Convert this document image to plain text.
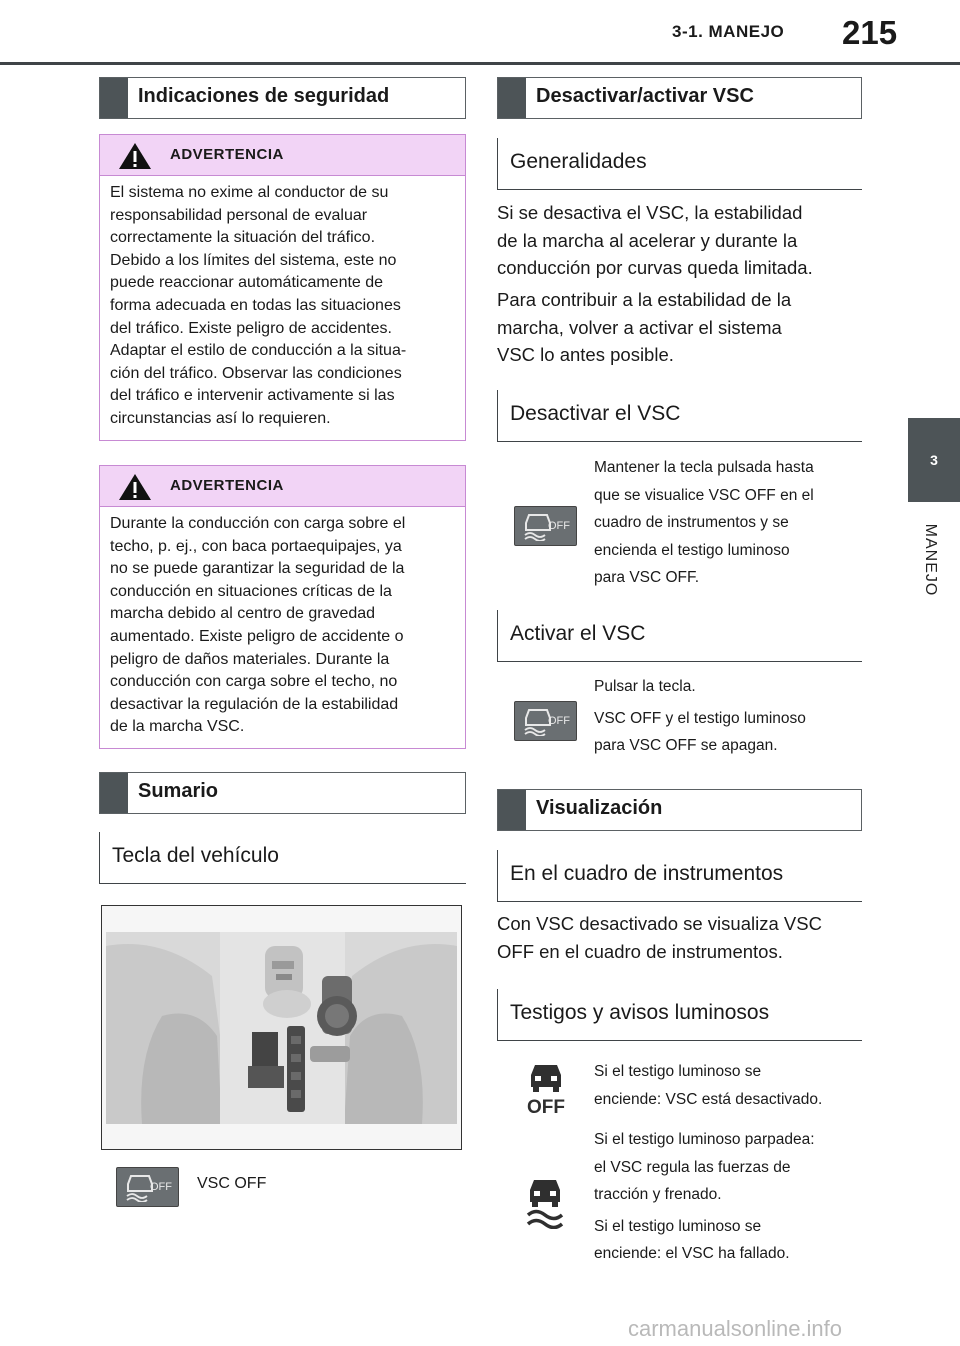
3-1. MANEJO 215
3
MANEJO
Indicaciones de seguridad
ADVERTENCIA
El sistema no exime al conductor de su
responsabilidad personal de evaluar
correctamente la situación del tráfico.
Debido a los límites del sistema, este no
puede reaccionar automáticamente de
forma adecuada en todas las situaciones
del tráfico. Existe peligro de accidentes.
Adaptar el estilo de conducción a la situa-
ción del tráfico. Observar las condiciones
del tráfico e intervenir activamente si las
circunstancias así lo requieren.
ADVERTENCIA
Durante la conducción con carga sobre el
techo, p. ej., con baca portaequipajes, ya
no se puede garantizar la seguridad de la
conducción en situaciones críticas de la
marcha debido al centro de gravedad
aumentado. Existe peligro de accidente o
peligro de daños materiales. Durante la
conducción con carga sobre el techo, no
desactivar la regulación de la estabilidad
de la marcha VSC.
Sumario
Tecla del vehículo
OFF VSC OFF
Desactivar/activar VSC
Generalidades
Si se desactiva el VSC, la estabilidad
de la marcha al acelerar y durante la
conducción por curvas queda limitada.
Para contribuir a la estabilidad de la
marcha, volver a activar el sistema
VSC lo antes posible.
Desactivar el VSC
OFF
Mantener la tecla pulsada hasta
que se visualice VSC OFF en el
cuadro de instrumentos y se
encienda el testigo luminoso
para VSC OFF.
Activar el VSC
OFF
Pulsar la tecla.
VSC OFF y el testigo luminoso
para VSC OFF se apagan.
Visualización
En el cuadro de instrumentos
Con VSC desactivado se visualiza VSC
OFF en el cuadro de instrumentos.
Testigos y avisos luminosos
OFF
Si el testigo luminoso se
enciende: VSC está desactivado.
Si el testigo luminoso parpadea:
el VSC regula las fuerzas de
tracción y frenado.
Si el testigo luminoso se
enciende: el VSC ha fallado.
carmanualsonline.info
